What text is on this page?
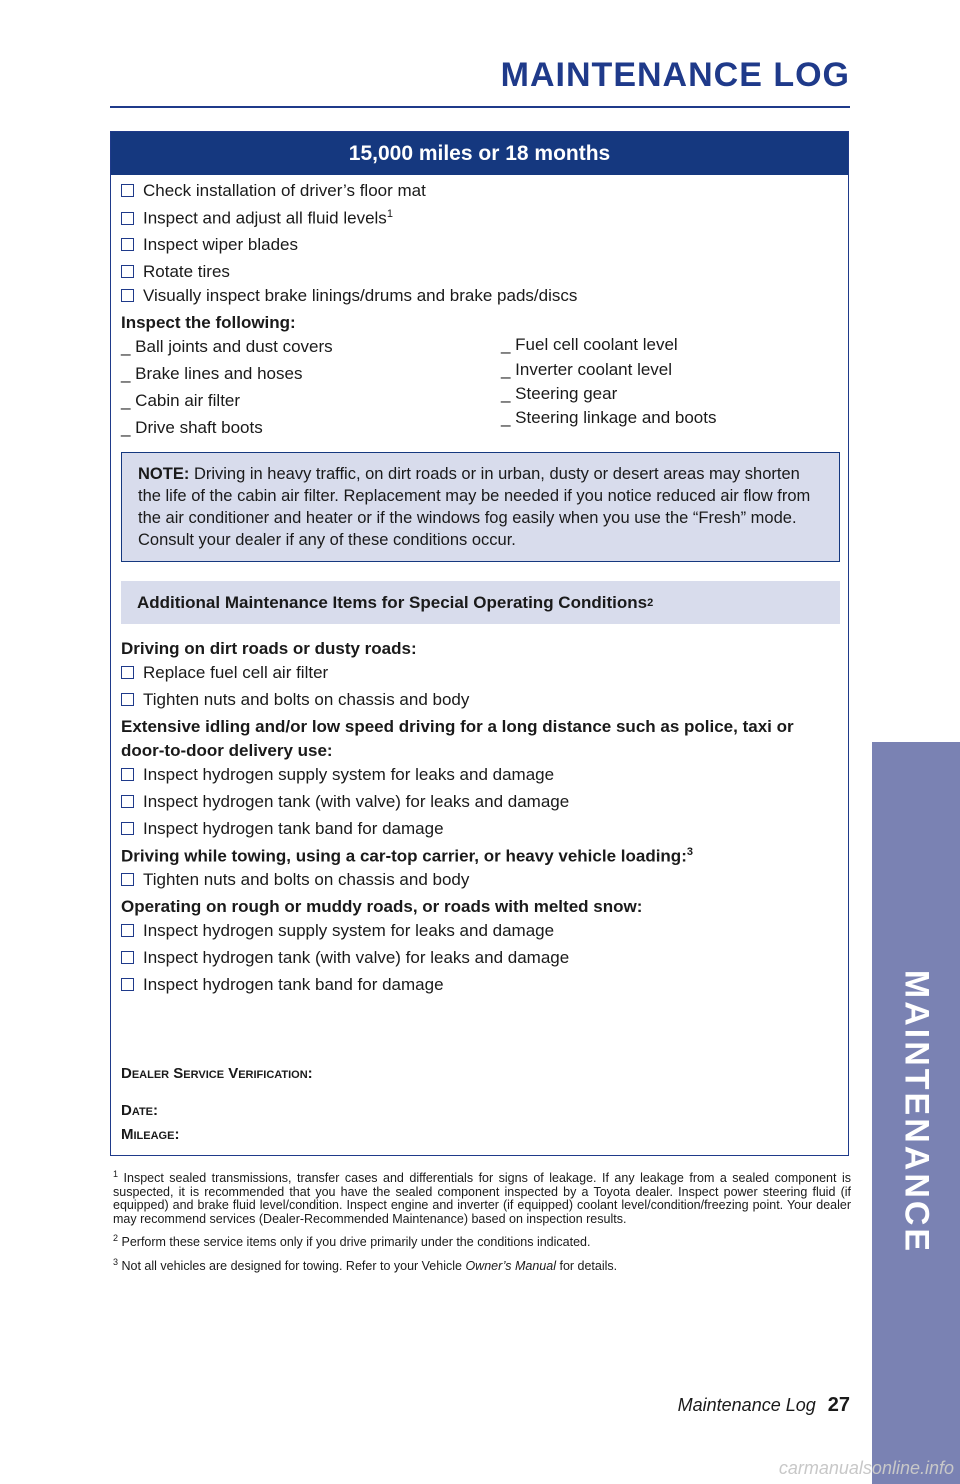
MAINTENANCE LOG
15,000 miles or 18 months
Check installation of driver’s floor mat
Inspect and adjust all fluid levels$^1$
Inspect wiper blades
Rotate tires
Visually inspect brake linings/drums and brake pads/discs
Inspect the following:
_ Ball joints and dust covers
_ Brake lines and hoses
_ Cabin air filter
_ Drive shaft boots
_ Fuel cell coolant level
_ Inverter coolant level
_ Steering gear
_ Steering linkage and boots
NOTE: Driving in heavy traffic, on dirt roads or in urban, dusty or desert areas may shorten the life of the cabin air filter. Replacement may be needed if you notice reduced air flow from the air conditioner and heater or if the windows fog easily when you use the “Fresh” mode. Consult your dealer if any of these conditions occur.
Additional Maintenance Items for Special Operating Conditions 2
Driving on dirt roads or dusty roads:
Replace fuel cell air filter
Tighten nuts and bolts on chassis and body
Extensive idling and/or low speed driving for a long distance such as police, taxi or
door-to-door delivery use:
Inspect hydrogen supply system for leaks and damage
Inspect hydrogen tank (with valve) for leaks and damage
Inspect hydrogen tank band for damage
Driving while towing, using a car-top carrier, or heavy vehicle loading:$^3$
Tighten nuts and bolts on chassis and body
Operating on rough or muddy roads, or roads with melted snow:
Inspect hydrogen supply system for leaks and damage
Inspect hydrogen tank (with valve) for leaks and damage
Inspect hydrogen tank band for damage
Dealer Service Verification:
Date:
Mileage:
$^1$ Inspect sealed transmissions, transfer cases and differentials for signs of leakage. If any leakage from a sealed component is suspected, it is recommended that you have the sealed component inspected by a Toyota dealer. Inspect power steering fluid (if equipped) and brake fluid level/condition. Inspect engine and inverter (if equipped) coolant level/condition/freezing point. Your dealer may recommend services (Dealer-Recommended Maintenance) based on inspection results.
$^2$ Perform these service items only if you drive primarily under the conditions indicated.
$^3$ Not all vehicles are designed for towing. Refer to your Vehicle Owner’s Manual for details.
MAINTENANCE
Maintenance Log 27
carmanualsonline.info
